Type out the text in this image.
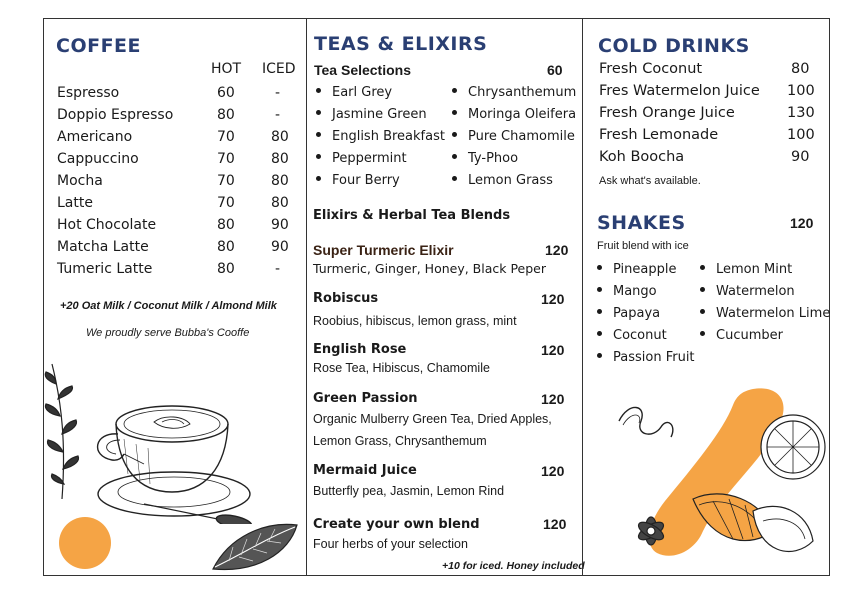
COFFEE
HOT ICED
Espresso	60	-
Doppio Espresso	80	-
Americano	70	80
Cappuccino	70	80
Mocha	70	80
Latte	70	80
Hot Chocolate	80	90
Matcha Latte	80	90
Tumeric Latte	80	-
+20 Oat Milk / Coconut Milk / Almond Milk
We proudly serve Bubba's Cooffe
TEAS & ELIXIRS
Tea Selections	60
Earl Grey
Jasmine Green
English Breakfast
Peppermint
Four Berry
Chrysanthemum
Moringa Oleifera
Pure Chamomile
Ty-Phoo
Lemon Grass
Elixirs & Herbal Tea Blends
Super Turmeric Elixir	120
Turmeric, Ginger, Honey, Black Peper
Robiscus	120
Roobius, hibiscus, lemon grass, mint
English Rose	120
Rose Tea, Hibiscus, Chamomile
Green Passion	120
Organic Mulberry Green Tea, Dried Apples,
Lemon Grass, Chrysanthemum
Mermaid Juice	120
Butterfly pea, Jasmin, Lemon Rind
Create your own blend	120
Four herbs of your selection
+10 for iced. Honey included
COLD DRINKS
Fresh Coconut	80
Fres Watermelon Juice 100
Fresh Orange Juice	130
Fresh Lemonade	100
Koh Boocha	90
Ask what's available.
SHAKES	120
Fruit blend with ice
Pineapple
Mango
Papaya
Coconut
Passion Fruit
Lemon Mint
Watermelon
Watermelon Lime
Cucumber
